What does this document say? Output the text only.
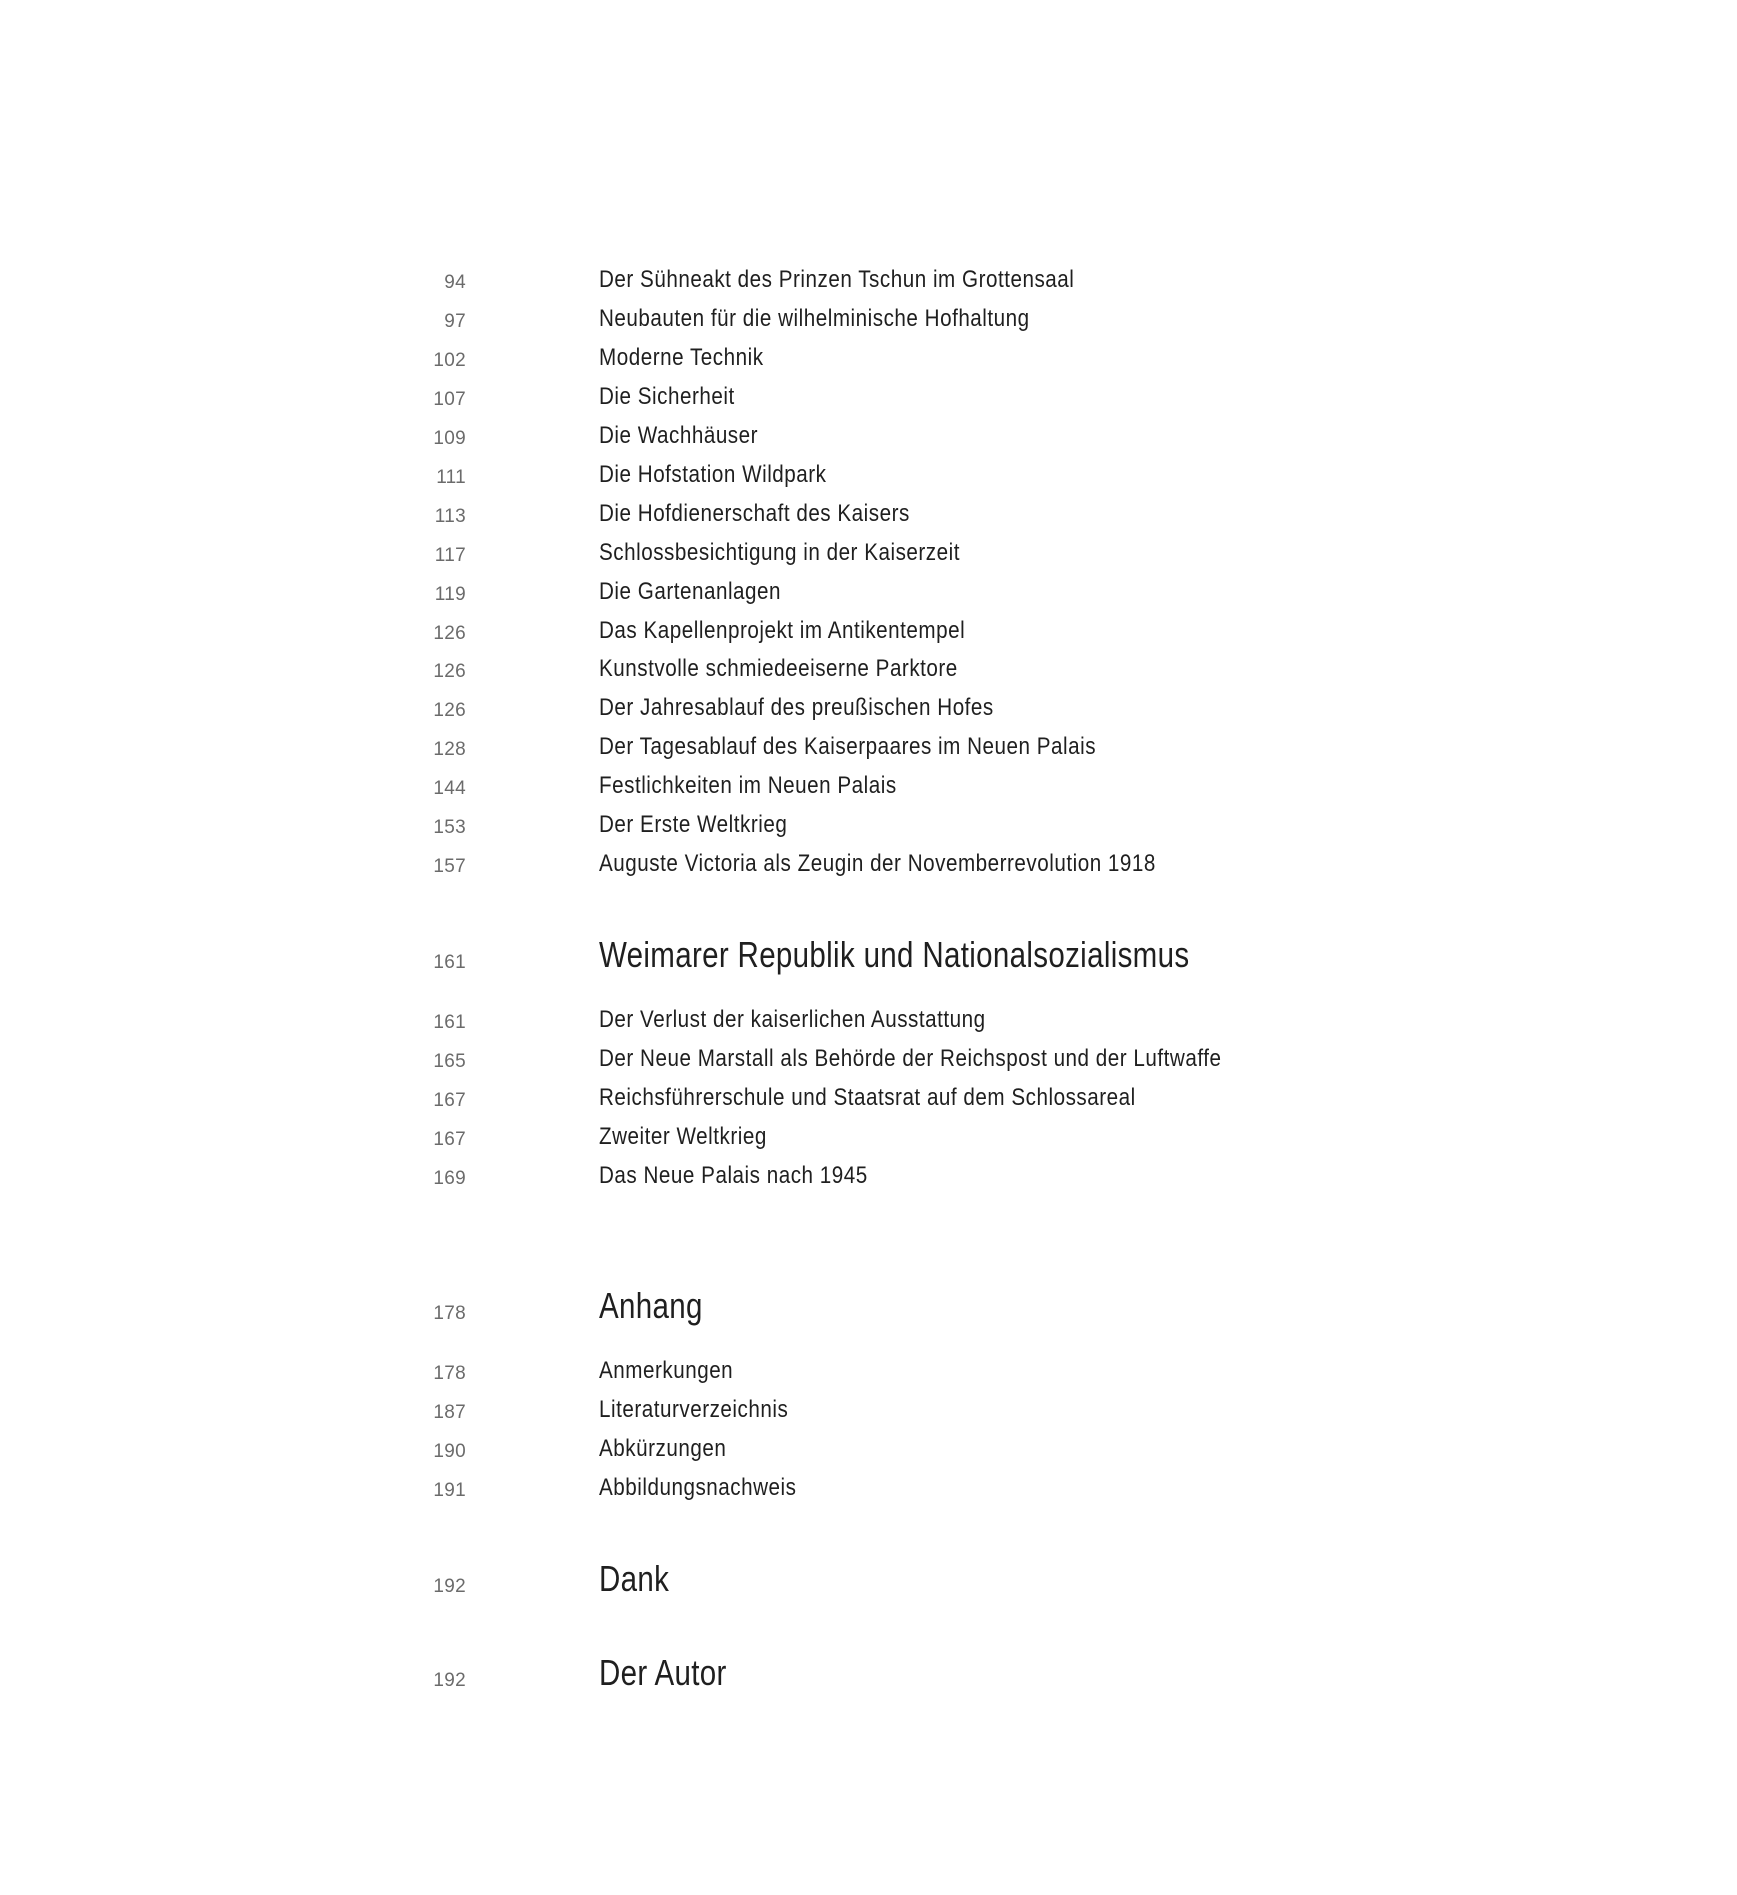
94	Der Sühneakt des Prinzen Tschun im Grottensaal
97	Neubauten für die wilhelminische Hofhaltung
102	Moderne Technik
107	Die Sicherheit
109	Die Wachhäuser
111	Die Hofstation Wildpark
113	Die Hofdienerschaft des Kaisers
117	Schlossbesichtigung in der Kaiserzeit
119	Die Gartenanlagen
126	Das Kapellenprojekt im Antikentempel
126	Kunstvolle schmiedeeiserne Parktore
126	Der Jahresablauf des preußischen Hofes
128	Der Tagesablauf des Kaiserpaares im Neuen Palais
144	Festlichkeiten im Neuen Palais
153	Der Erste Weltkrieg
157	Auguste Victoria als Zeugin der Novemberrevolution 1918
161	Weimarer Republik und Nationalsozialismus
161	Der Verlust der kaiserlichen Ausstattung
165	Der Neue Marstall als Behörde der Reichspost und der Luftwaffe
167	Reichsführerschule und Staatsrat auf dem Schlossareal
167	Zweiter Weltkrieg
169	Das Neue Palais nach 1945
178	Anhang
178	Anmerkungen
187	Literaturverzeichnis
190	Abkürzungen
191	Abbildungsnachweis
192	Dank
192	Der Autor
